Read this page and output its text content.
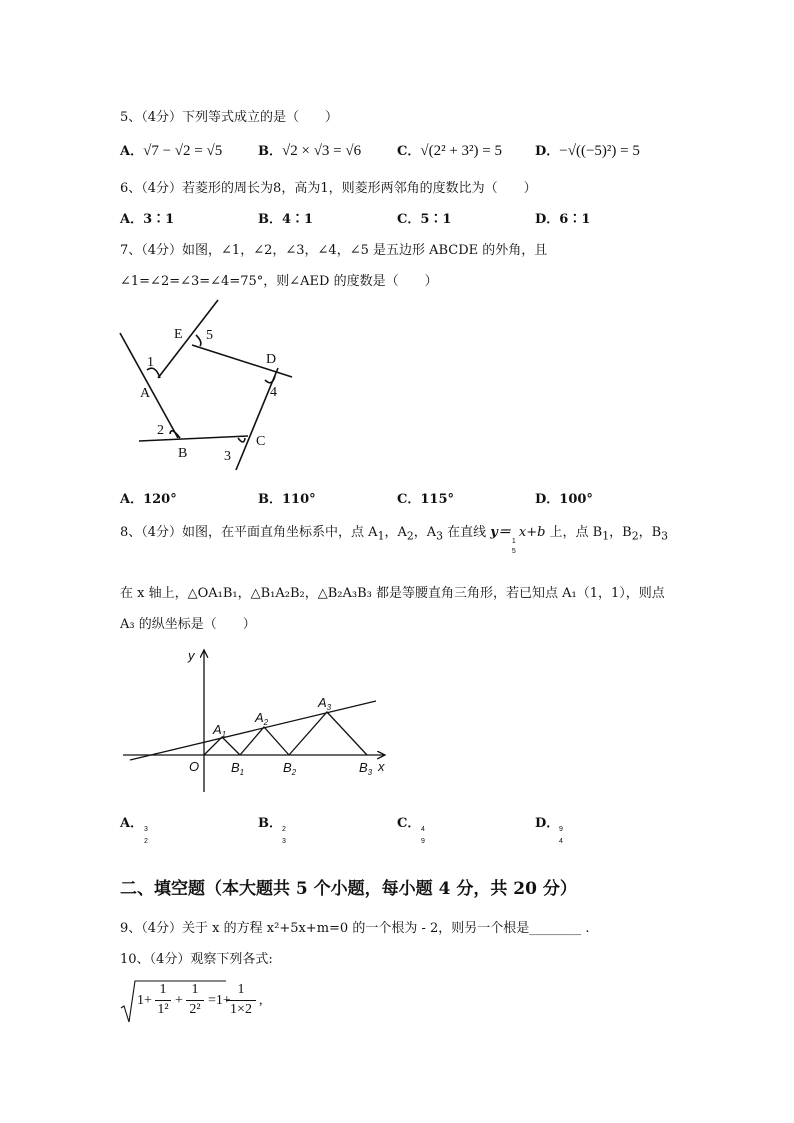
5、（4分）下列等式成立的是（　　）
A．√7 − √2 = √5	B．√2 × √3 = √6	C．√(2² + 3²) = 5	D．−√((−5)²) = 5
6、（4分）若菱形的周长为8，高为1，则菱形两邻角的度数比为（　　）
A．3∶1	B．4∶1	C．5∶1	D．6∶1
7、（4分）如图，∠1，∠2，∠3，∠4，∠5 是五边形 ABCDE 的外角，且
∠1=∠2=∠3=∠4=75°，则∠AED 的度数是（　　）
E
D
A
B
C
1
2
3
4
5
A．120°	B．110°	C．115°	D．100°
8、（4分）如图，在平面直角坐标系中，点 $A_1$，$A_2$，$A_3$ 在直线 y＝
1
5
x+b 上，点 $B_1$，$B_2$，$B_3$
在 x 轴上，△OA₁B₁，△B₁A₂B₂，△B₂A₃B₃ 都是等腰直角三角形，若已知点 A₁（1，1），则点
A₃ 的纵坐标是（　　）
y
x
O
$A_1$
$A_2$
$A_3$
$B_1$	$B_2$	$B_3$
A． 3
2
B． 2
3
C． 4
9
D． 9
4
二、填空题（本大题共 5 个小题，每小题 4 分，共 20 分）
9、（4分）关于 x 的方程 x²+5x+m=0 的一个根为 - 2，则另一个根是________ .
10、（4分）观察下列各式:
1+
1
1²
+
1
2²
=1+
1
1×2
,
